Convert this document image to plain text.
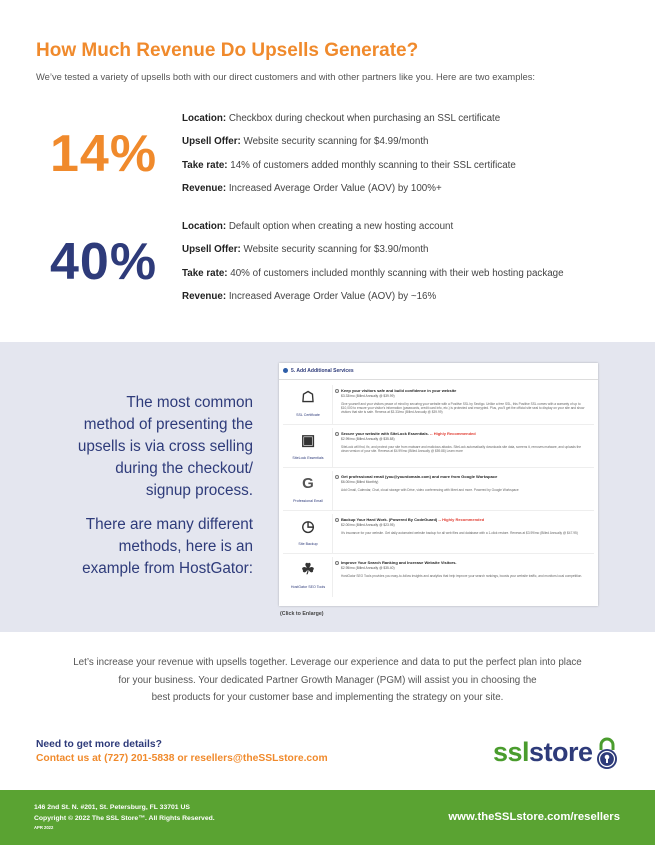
How Much Revenue Do Upsells Generate?
We’ve tested a variety of upsells both with our direct customers and with other partners like you. Here are two examples:
14%
Location: Checkbox during checkout when purchasing an SSL certificate
Upsell Offer: Website security scanning for $4.99/month
Take rate: 14% of customers added monthly scanning to their SSL certificate
Revenue: Increased Average Order Value (AOV) by 100%+
40%
Location: Default option when creating a new hosting account
Upsell Offer: Website security scanning for $3.90/month
Take rate: 40% of customers included monthly scanning with their web hosting package
Revenue: Increased Average Order Value (AOV) by ~16%
The most common
method of presenting the
upsells is via cross selling
during the checkout/
signup process.
There are many different
methods, here is an
example from HostGator:
5. Add Additional Services
☖
SSL Certificate
Keep your visitors safe and build confidence in your website
$3.33/mo (Billed Annually @ $39.99)
Give yourself and your visitors peace of mind by securing your website with a Positive SSL by Sectigo. Unlike a free SSL, this Positive SSL comes with a warranty of up to $10,000 to ensure your visitor's information (passwords, credit card info, etc.) is protected and encrypted. Plus, you'll get the official site seal to display on your site and show visitors that site is safe. Renews at $3.33/mo (Billed Annually @ $39.99)
▣
SiteLock Essentials
Secure your website with SiteLock Essentials. -- Highly Recommended
$2.99/mo (Billed Annually @ $35.88)
SiteLock will find, fix, and protect your site from malware and malicious attacks. SiteLock automatically downloads site data, screens it, removes malware, and uploads the clean version of your site. Renews at $4.99/mo (Billed Annually @ $59.88) Learn more
G
Professional Email
Get professional email (you@yourdomain.com) and more from Google Workspace
$6.00/mo (Billed Monthly)
Add Gmail, Calendar, Chat, cloud storage with Drive, video conferencing with Meet and more. Powered by Google Workspace
◷
Site Backup
Backup Your Hard Work. (Powered By CodeGuard) -- Highly Recommended
$2.00/mo (Billed Annually @ $23.95)
It's insurance for your website. Get daily automated website backup for all web files and database with a 1-click restore. Renews at $3.99/mo (Billed Annually @ $47.95)
☘
HostGator SEO Tools
Improve Your Search Ranking and Increase Website Visitors.
$2.95/mo (Billed Annually @ $35.40)
HostGator SEO Tools provides you easy-to-follow insights and analytics that help improve your search rankings, boosts your website traffic, and monitors local competition.
(Click to Enlarge)
Let’s increase your revenue with upsells together. Leverage our experience and data to put the perfect plan into place
for your business. Your dedicated Partner Growth Manager (PGM) will assist you in choosing the
best products for your customer base and implementing the strategy on your site.
Need to get more details?
Contact us at (727) 201-5838 or resellers@theSSLstore.com	sslstore
146 2nd St. N. #201, St. Petersburg, FL 33701 US
Copyright © 2022 The SSL Store™. All Rights Reserved.
APR 2022
www.theSSLstore.com/resellers
